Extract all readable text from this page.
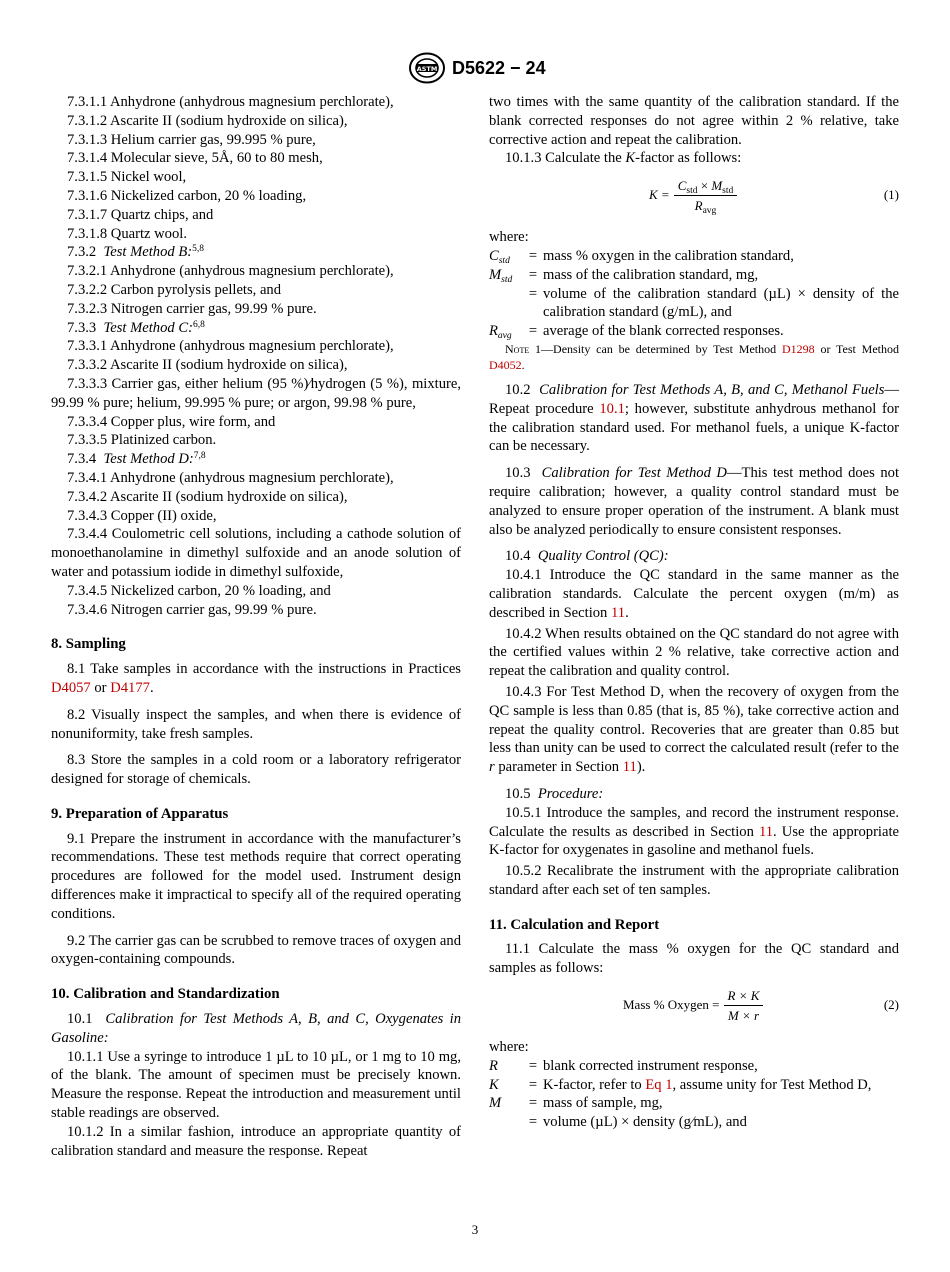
ASTM D5622 − 24

7.3.1.1 Anhydrone (anhydrous magnesium perchlorate),

7.3.1.2 Ascarite II (sodium hydroxide on silica),

7.3.1.3 Helium carrier gas, 99.995 % pure,

7.3.1.4 Molecular sieve, 5Å, 60 to 80 mesh,

7.3.1.5 Nickel wool,

7.3.1.6 Nickelized carbon, 20 % loading,

7.3.1.7 Quartz chips, and

7.3.1.8 Quartz wool.

7.3.2 Test Method B:$^{5,8}$

7.3.2.1 Anhydrone (anhydrous magnesium perchlorate),

7.3.2.2 Carbon pyrolysis pellets, and

7.3.2.3 Nitrogen carrier gas, 99.99 % pure.

7.3.3 Test Method C:$^{6,8}$

7.3.3.1 Anhydrone (anhydrous magnesium perchlorate),

7.3.3.2 Ascarite II (sodium hydroxide on silica),

7.3.3.3 Carrier gas, either helium (95 %)⁄hydrogen (5 %), mixture, 99.99 % pure; helium, 99.995 % pure; or argon, 99.98 % pure,

7.3.3.4 Copper plus, wire form, and

7.3.3.5 Platinized carbon.

7.3.4 Test Method D:$^{7,8}$

7.3.4.1 Anhydrone (anhydrous magnesium perchlorate),

7.3.4.2 Ascarite II (sodium hydroxide on silica),

7.3.4.3 Copper (II) oxide,

7.3.4.4 Coulometric cell solutions, including a cathode solution of monoethanolamine in dimethyl sulfoxide and an anode solution of water and potassium iodide in dimethyl sulfoxide,

7.3.4.5 Nickelized carbon, 20 % loading, and

7.3.4.6 Nitrogen carrier gas, 99.99 % pure.

8. Sampling

8.1 Take samples in accordance with the instructions in Practices D4057 or D4177.

8.2 Visually inspect the samples, and when there is evidence of nonuniformity, take fresh samples.

8.3 Store the samples in a cold room or a laboratory refrigerator designed for storage of chemicals.

9. Preparation of Apparatus

9.1 Prepare the instrument in accordance with the manufacturer’s recommendations. These test methods require that correct operating procedures are followed for the model used. Instrument design differences make it impractical to specify all of the required operating conditions.

9.2 The carrier gas can be scrubbed to remove traces of oxygen and oxygen-containing compounds.

10. Calibration and Standardization

10.1 Calibration for Test Methods A, B, and C, Oxygenates in Gasoline:

10.1.1 Use a syringe to introduce 1 µL to 10 µL, or 1 mg to 10 mg, of the blank. The amount of specimen must be precisely known. Measure the response. Repeat the introduction and measurement until stable readings are observed.

10.1.2 In a similar fashion, introduce an appropriate quantity of calibration standard and measure the response. Repeat

two times with the same quantity of the calibration standard. If the blank corrected responses do not agree within 2 % relative, take corrective action and repeat the calibration.

10.1.3 Calculate the K-factor as follows:

$K = \frac{C_{std} \times M_{std}}{R_{avg}}$	(1)

where:

$C_{std}$	=	mass % oxygen in the calibration standard,
$M_{std}$	=	mass of the calibration standard, mg,
	=	volume of the calibration standard (µL) × density of the calibration standard (g/mL), and
$R_{avg}$	=	average of the blank corrected responses.

Note 1—Density can be determined by Test Method D1298 or Test Method D4052.

10.2 Calibration for Test Methods A, B, and C, Methanol Fuels—Repeat procedure 10.1; however, substitute anhydrous methanol for the calibration standard used. For methanol fuels, a unique K-factor can be necessary.

10.3 Calibration for Test Method D—This test method does not require calibration; however, a quality control standard must be analyzed to ensure proper operation of the instrument. A blank must also be analyzed periodically to ensure consistent responses.

10.4 Quality Control (QC):

10.4.1 Introduce the QC standard in the same manner as the calibration standards. Calculate the percent oxygen (m/m) as described in Section 11.

10.4.2 When results obtained on the QC standard do not agree with the certified values within 2 % relative, take corrective action and repeat the calibration and quality control.

10.4.3 For Test Method D, when the recovery of oxygen from the QC sample is less than 0.85 (that is, 85 %), take corrective action and repeat the quality control. Recoveries that are greater than 0.85 but less than unity can be used to correct the calculated result (refer to the r parameter in Section 11).

10.5 Procedure:

10.5.1 Introduce the samples, and record the instrument response. Calculate the results as described in Section 11. Use the appropriate K-factor for oxygenates in gasoline and methanol fuels.

10.5.2 Recalibrate the instrument with the appropriate calibration standard after each set of ten samples.

11. Calculation and Report

11.1 Calculate the mass % oxygen for the QC standard and samples as follows:

Mass % Oxygen = $\frac{R \times K}{M \times r}$	(2)

where:

R	=	blank corrected instrument response,
K	=	K-factor, refer to Eq 1, assume unity for Test Method D,
M	=	mass of sample, mg,
	=	volume (µL) × density (g⁄mL), and
3
